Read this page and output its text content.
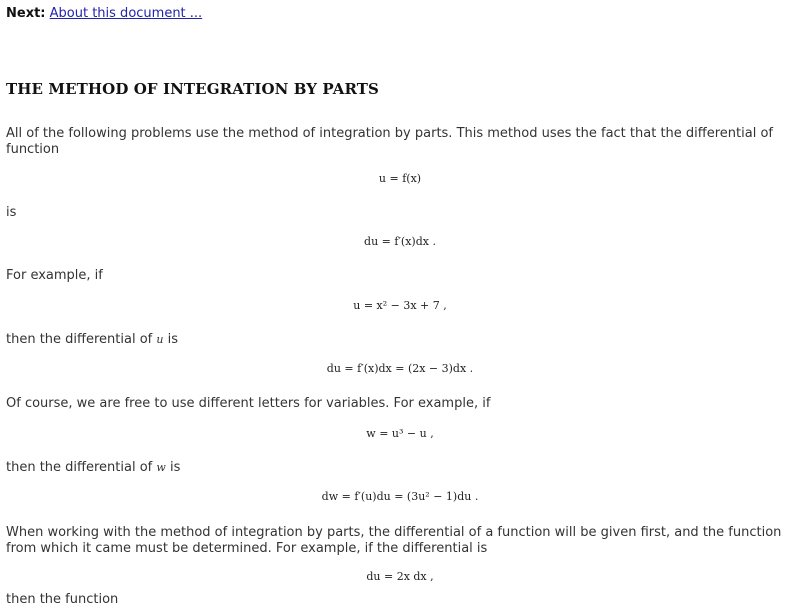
Next: About this document ...
THE METHOD OF INTEGRATION BY PARTS
All of the following problems use the method of integration by parts. This method uses the fact that the differential of function
u = f(x)
is
du = f′(x)dx .
For example, if
u = x² − 3x + 7 ,
then the differential of u is
du = f′(x)dx = (2x − 3)dx .
Of course, we are free to use different letters for variables. For example, if
w = u³ − u ,
then the differential of w is
dw = f′(u)du = (3u² − 1)du .
When working with the method of integration by parts, the differential of a function will be given first, and the function from which it came must be determined. For example, if the differential is
du = 2x dx ,
then the function
